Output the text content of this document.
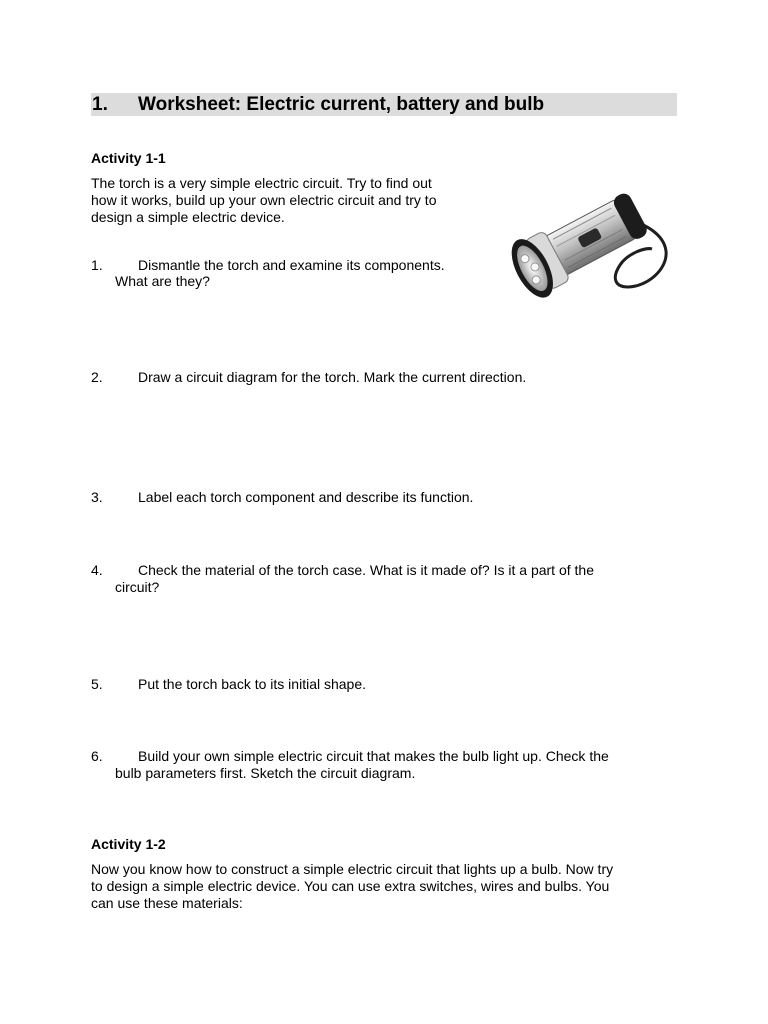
1. Worksheet: Electric current, battery and bulb
Activity 1-1
The torch is a very simple electric circuit. Try to find out
how it works, build up your own electric circuit and try to
design a simple electric device.
1.	Dismantle the torch and examine its components.
What are they?
2.	Draw a circuit diagram for the torch. Mark the current direction.
3.	Label each torch component and describe its function.
4.	Check the material of the torch case. What is it made of? Is it a part of the
circuit?
5.	Put the torch back to its initial shape.
6.	Build your own simple electric circuit that makes the bulb light up. Check the
bulb parameters first. Sketch the circuit diagram.
Activity 1-2
Now you know how to construct a simple electric circuit that lights up a bulb. Now try
to design a simple electric device. You can use extra switches, wires and bulbs. You
can use these materials:
